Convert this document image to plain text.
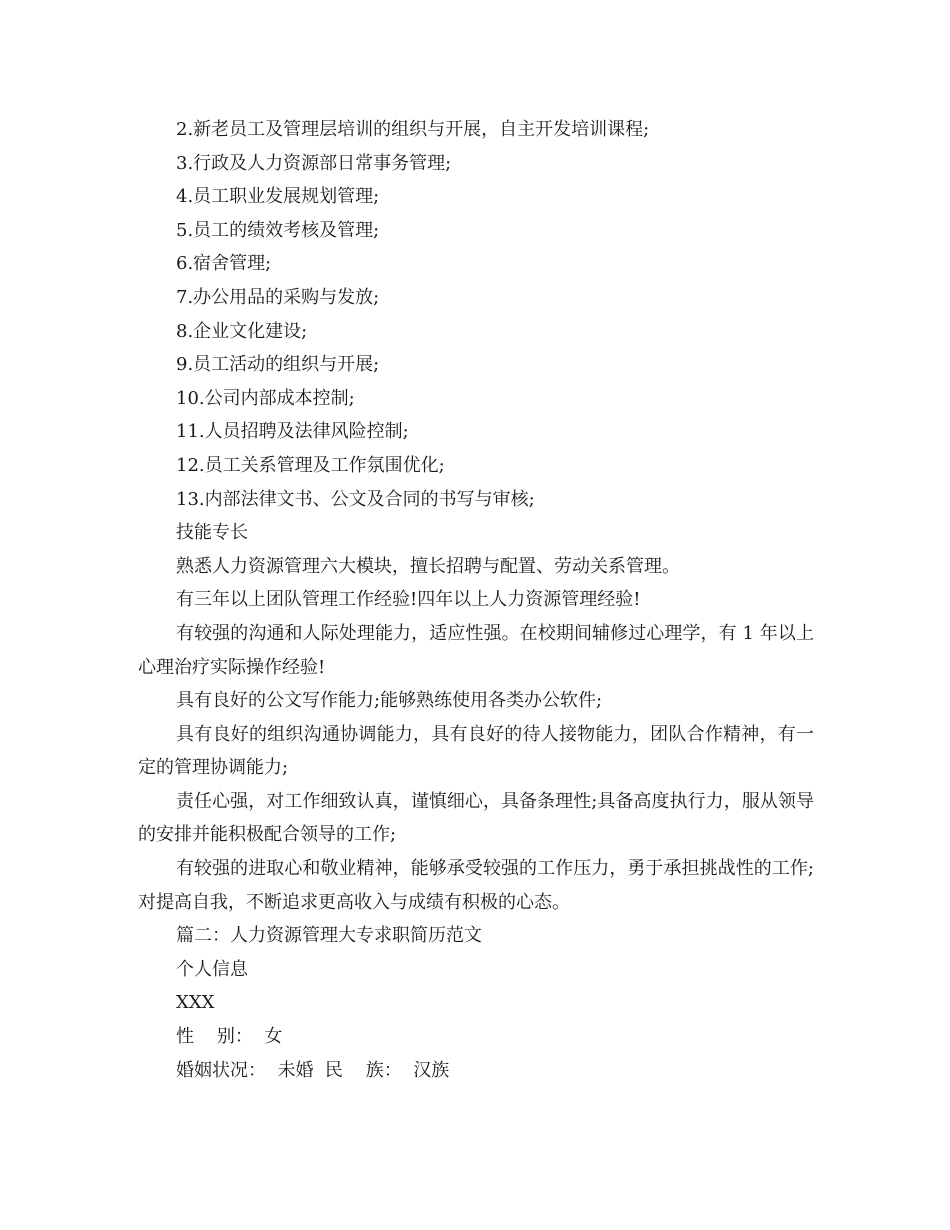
2.新老员工及管理层培训的组织与开展，自主开发培训课程;
3.行政及人力资源部日常事务管理;
4.员工职业发展规划管理;
5.员工的绩效考核及管理;
6.宿舍管理;
7.办公用品的采购与发放;
8.企业文化建设;
9.员工活动的组织与开展;
10.公司内部成本控制;
11.人员招聘及法律风险控制;
12.员工关系管理及工作氛围优化;
13.内部法律文书、公文及合同的书写与审核;
技能专长
熟悉人力资源管理六大模块，擅长招聘与配置、劳动关系管理。
有三年以上团队管理工作经验!四年以上人力资源管理经验!
有较强的沟通和人际处理能力，适应性强。在校期间辅修过心理学，有 1 年以上心理治疗实际操作经验!
具有良好的公文写作能力;能够熟练使用各类办公软件;
具有良好的组织沟通协调能力，具有良好的待人接物能力，团队合作精神，有一定的管理协调能力;
责任心强，对工作细致认真，谨慎细心，具备条理性;具备高度执行力，服从领导的安排并能积极配合领导的工作;
有较强的进取心和敬业精神，能够承受较强的工作压力，勇于承担挑战性的工作;对提高自我，不断追求更高收入与成绩有积极的心态。
篇二：人力资源管理大专求职简历范文
个人信息
XXX
性    别：  女
婚姻状况：  未婚  民    族：  汉族
